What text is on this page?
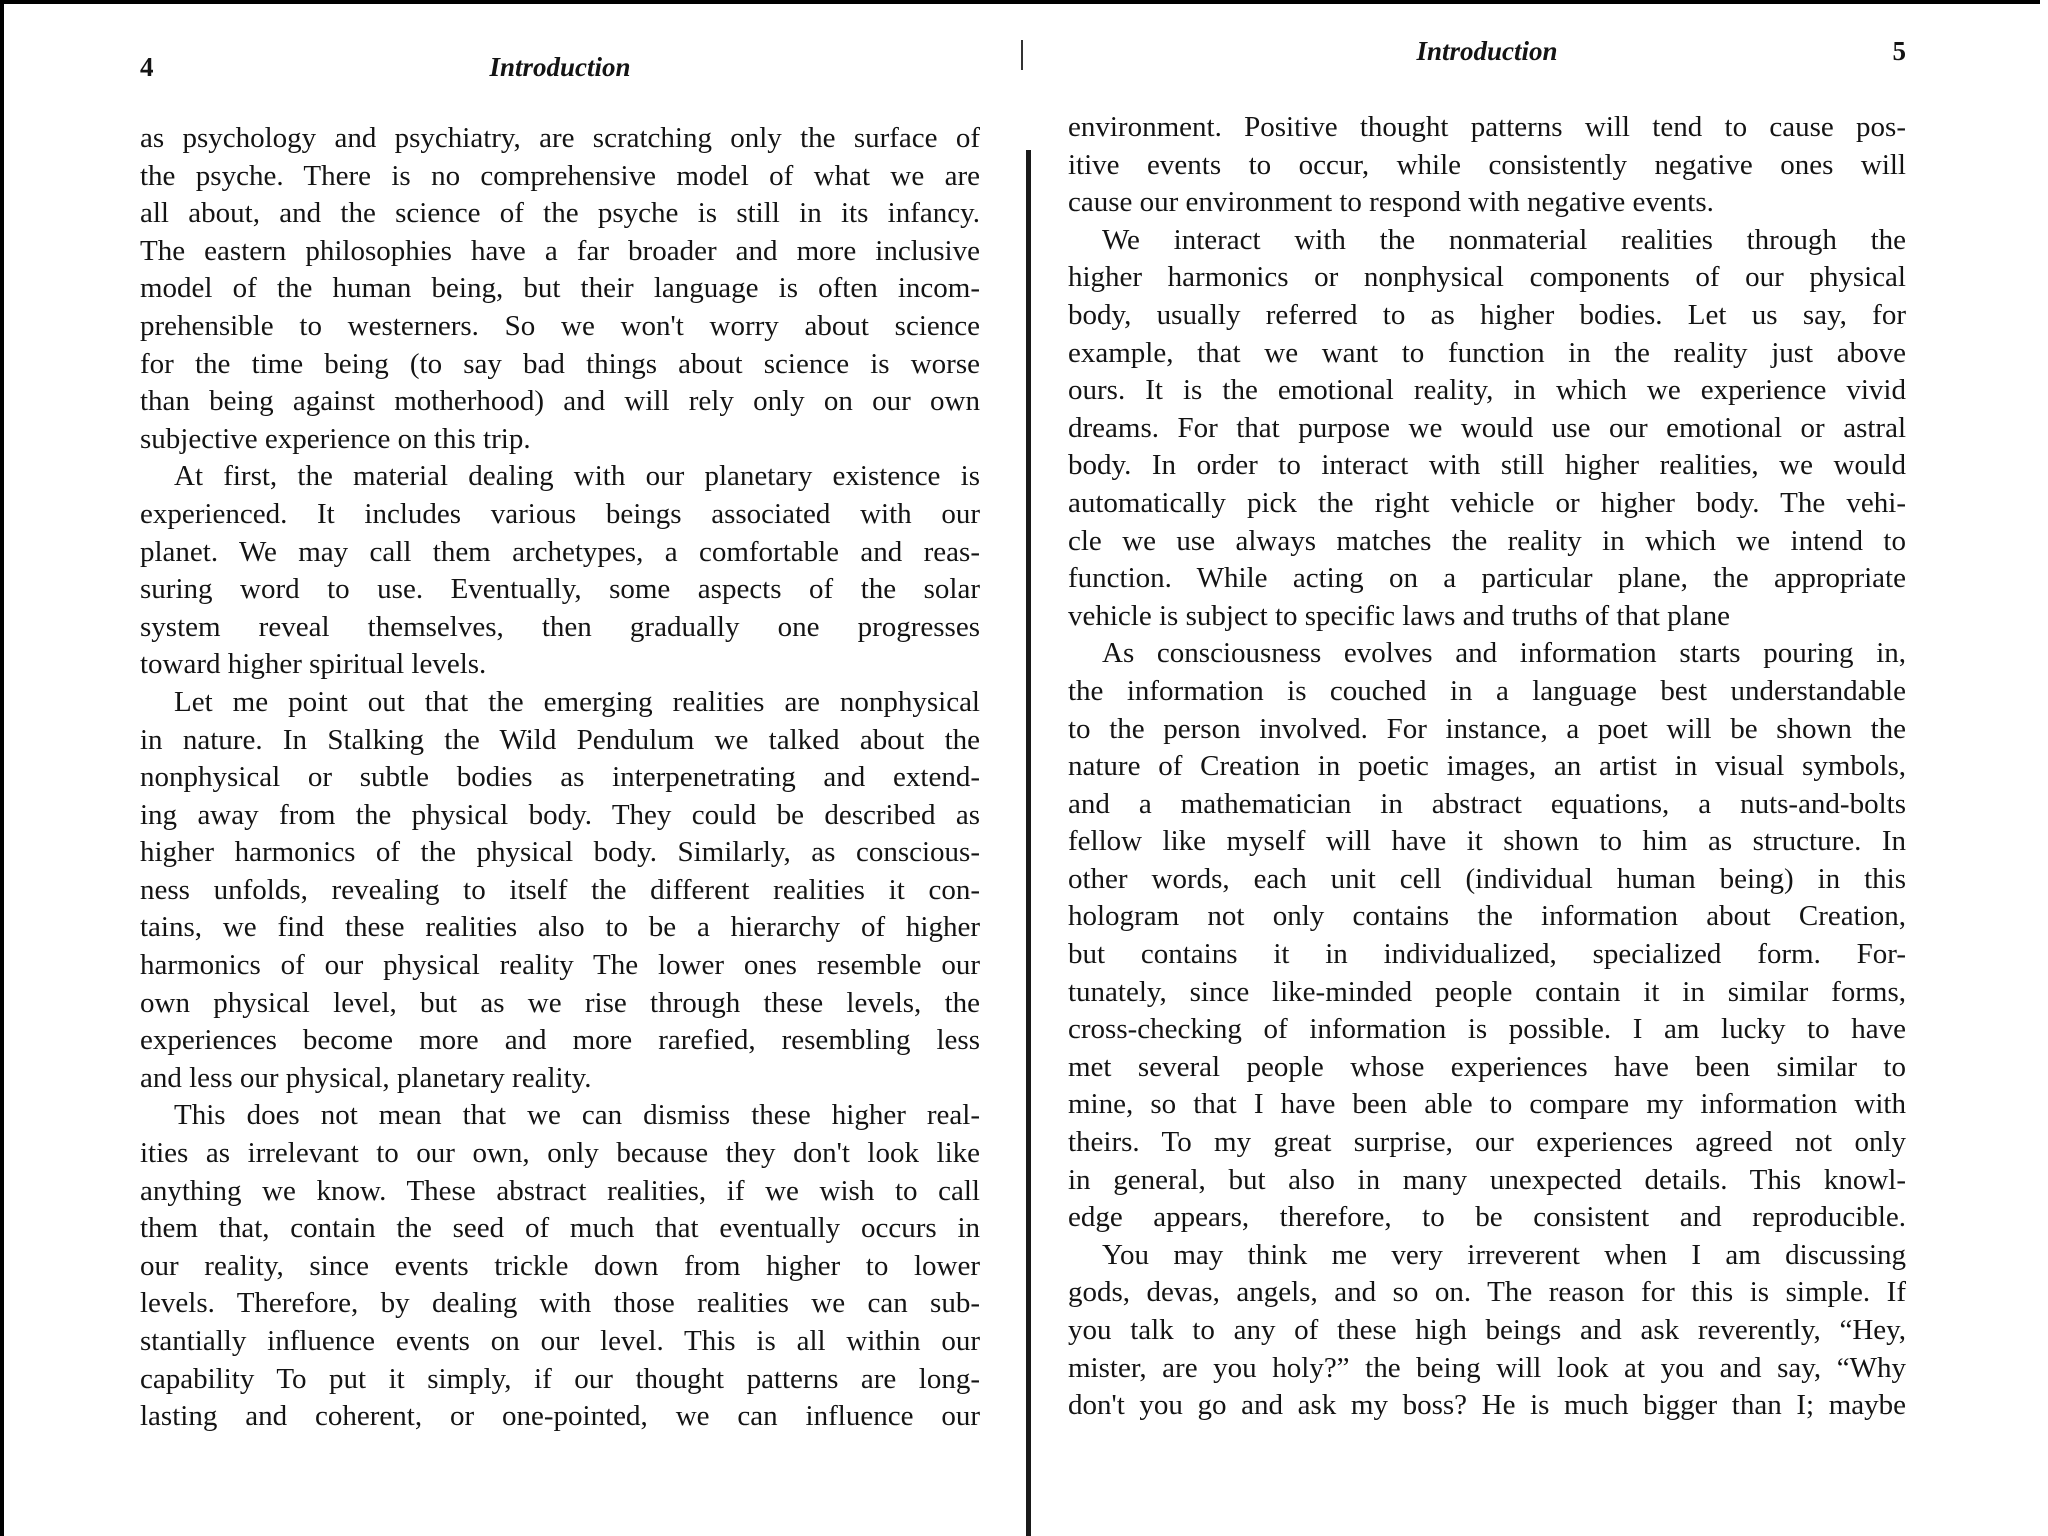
4	Introduction
as psychology and psychiatry, are scratching only the surface of
the psyche. There is no comprehensive model of what we are
all about, and the science of the psyche is still in its infancy.
The eastern philosophies have a far broader and more inclusive
model of the human being, but their language is often incom-
prehensible to westerners. So we won't worry about science
for the time being (to say bad things about science is worse
than being against motherhood) and will rely only on our own
subjective experience on this trip.
At first, the material dealing with our planetary existence is
experienced. It includes various beings associated with our
planet. We may call them archetypes, a comfortable and reas-
suring word to use. Eventually, some aspects of the solar
system reveal themselves, then gradually one progresses
toward higher spiritual levels.
Let me point out that the emerging realities are nonphysical
in nature. In Stalking the Wild Pendulum we talked about the
nonphysical or subtle bodies as interpenetrating and extend-
ing away from the physical body. They could be described as
higher harmonics of the physical body. Similarly, as conscious-
ness unfolds, revealing to itself the different realities it con-
tains, we find these realities also to be a hierarchy of higher
harmonics of our physical reality The lower ones resemble our
own physical level, but as we rise through these levels, the
experiences become more and more rarefied, resembling less
and less our physical, planetary reality.
This does not mean that we can dismiss these higher real-
ities as irrelevant to our own, only because they don't look like
anything we know. These abstract realities, if we wish to call
them that, contain the seed of much that eventually occurs in
our reality, since events trickle down from higher to lower
levels. Therefore, by dealing with those realities we can sub-
stantially influence events on our level. This is all within our
capability To put it simply, if our thought patterns are long-
lasting and coherent, or one-pointed, we can influence our
Introduction	5
environment. Positive thought patterns will tend to cause pos-
itive events to occur, while consistently negative ones will
cause our environment to respond with negative events.
We interact with the nonmaterial realities through the
higher harmonics or nonphysical components of our physical
body, usually referred to as higher bodies. Let us say, for
example, that we want to function in the reality just above
ours. It is the emotional reality, in which we experience vivid
dreams. For that purpose we would use our emotional or astral
body. In order to interact with still higher realities, we would
automatically pick the right vehicle or higher body. The vehi-
cle we use always matches the reality in which we intend to
function. While acting on a particular plane, the appropriate
vehicle is subject to specific laws and truths of that plane
As consciousness evolves and information starts pouring in,
the information is couched in a language best understandable
to the person involved. For instance, a poet will be shown the
nature of Creation in poetic images, an artist in visual symbols,
and a mathematician in abstract equations, a nuts-and-bolts
fellow like myself will have it shown to him as structure. In
other words, each unit cell (individual human being) in this
hologram not only contains the information about Creation,
but contains it in individualized, specialized form. For-
tunately, since like-minded people contain it in similar forms,
cross-checking of information is possible. I am lucky to have
met several people whose experiences have been similar to
mine, so that I have been able to compare my information with
theirs. To my great surprise, our experiences agreed not only
in general, but also in many unexpected details. This knowl-
edge appears, therefore, to be consistent and reproducible.
You may think me very irreverent when I am discussing
gods, devas, angels, and so on. The reason for this is simple. If
you talk to any of these high beings and ask reverently, “Hey,
mister, are you holy?” the being will look at you and say, “Why
don't you go and ask my boss? He is much bigger than I; maybe
